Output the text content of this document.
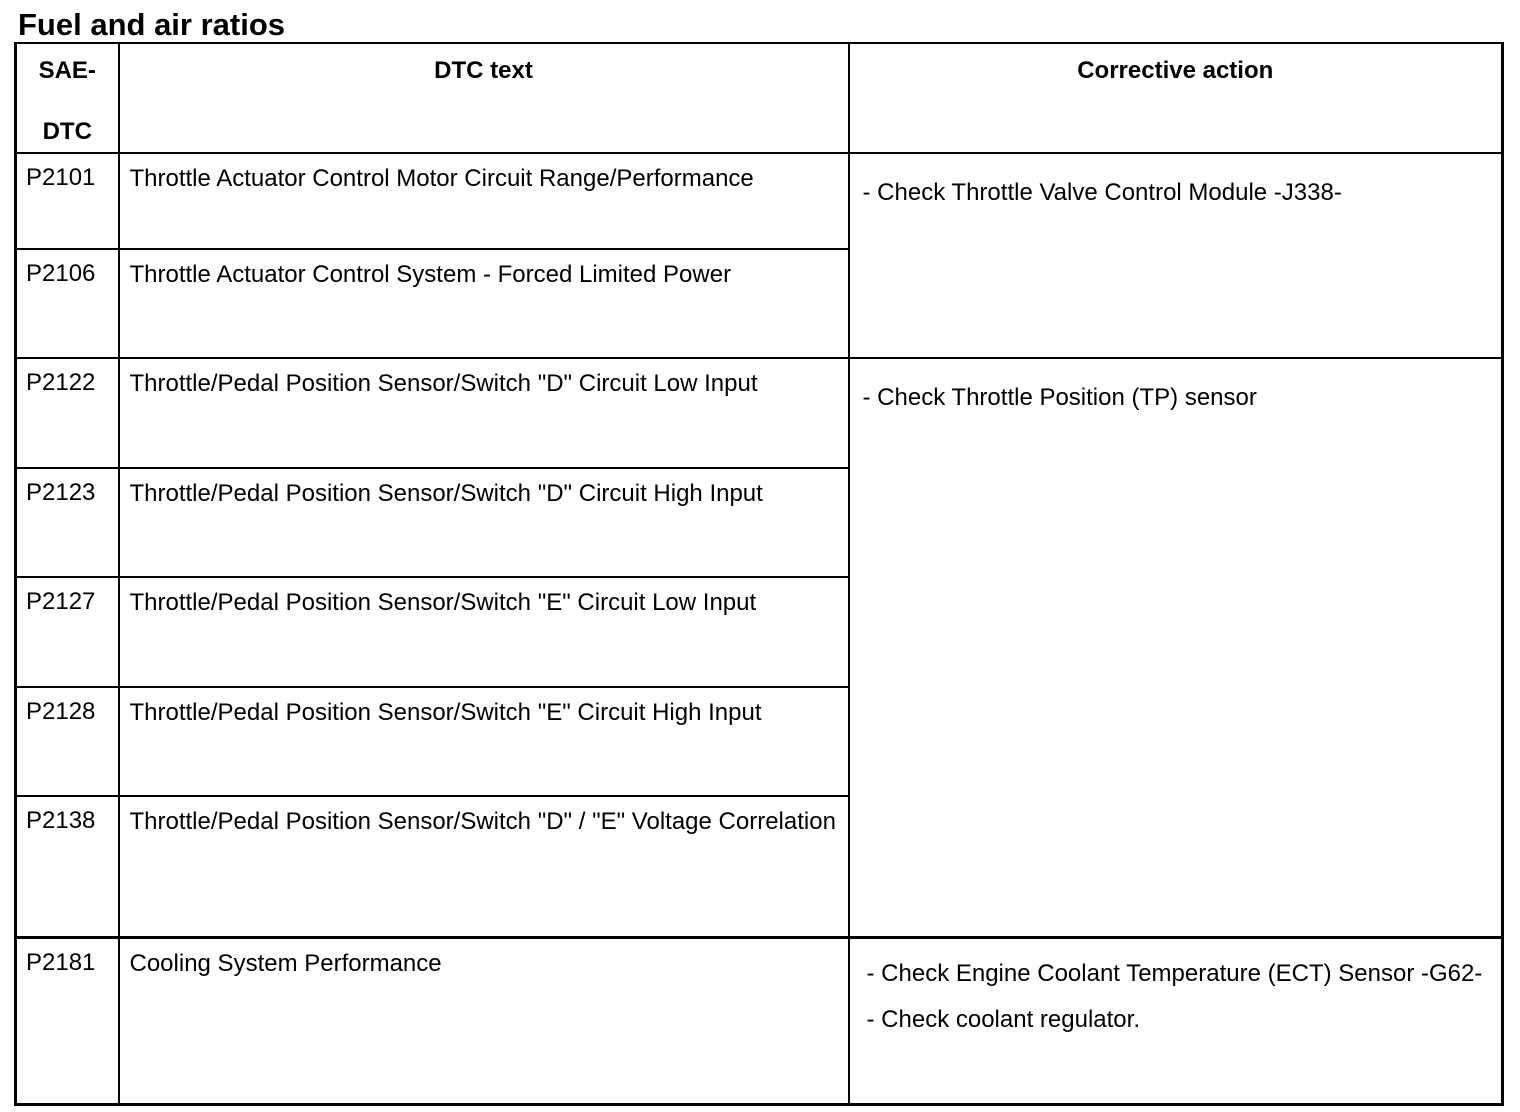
Fuel and air ratios
SAE-
DTC	DTC text	Corrective action

P2101	Throttle Actuator Control Motor Circuit Range/Performance	- Check Throttle Valve Control Module -J338-

P2106	Throttle Actuator Control System - Forced Limited Power	

P2122	Throttle/Pedal Position Sensor/Switch "D" Circuit Low Input	- Check Throttle Position (TP) sensor

P2123	Throttle/Pedal Position Sensor/Switch "D" Circuit High Input	

P2127	Throttle/Pedal Position Sensor/Switch "E" Circuit Low Input	

P2128	Throttle/Pedal Position Sensor/Switch "E" Circuit High Input	

P2138	Throttle/Pedal Position Sensor/Switch "D" / "E" Voltage Correlation	

P2181	Cooling System Performance	- Check Engine Coolant Temperature (ECT) Sensor -G62-
- Check coolant regulator.
